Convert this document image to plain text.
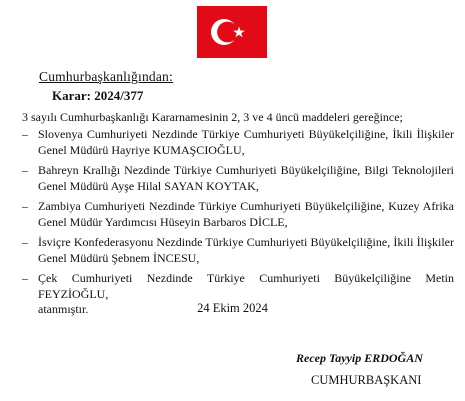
Cumhurbaşkanlığından:
Karar: 2024/377
3 sayılı Cumhurbaşkanlığı Kararnamesinin 2, 3 ve 4 üncü maddeleri gereğince;
– Slovenya Cumhuriyeti Nezdinde Türkiye Cumhuriyeti Büyükelçiliğine, İkili İlişkiler
Genel Müdürü Hayriye KUMAŞCIOĞLU,
– Bahreyn Krallığı Nezdinde Türkiye Cumhuriyeti Büyükelçiliğine, Bilgi Teknolojileri
Genel Müdürü Ayşe Hilal SAYAN KOYTAK,
– Zambiya Cumhuriyeti Nezdinde Türkiye Cumhuriyeti Büyükelçiliğine, Kuzey Afrika
Genel Müdür Yardımcısı Hüseyin Barbaros DİCLE,
– İsviçre Konfederasyonu Nezdinde Türkiye Cumhuriyeti Büyükelçiliğine, İkili İlişkiler
Genel Müdürü Şebnem İNCESU,
– Çek Cumhuriyeti Nezdinde Türkiye Cumhuriyeti Büyükelçiliğine Metin FEYZİOĞLU,
atanmıştır.	24 Ekim 2024
Recep Tayyip ERDOĞAN
CUMHURBAŞKANI
